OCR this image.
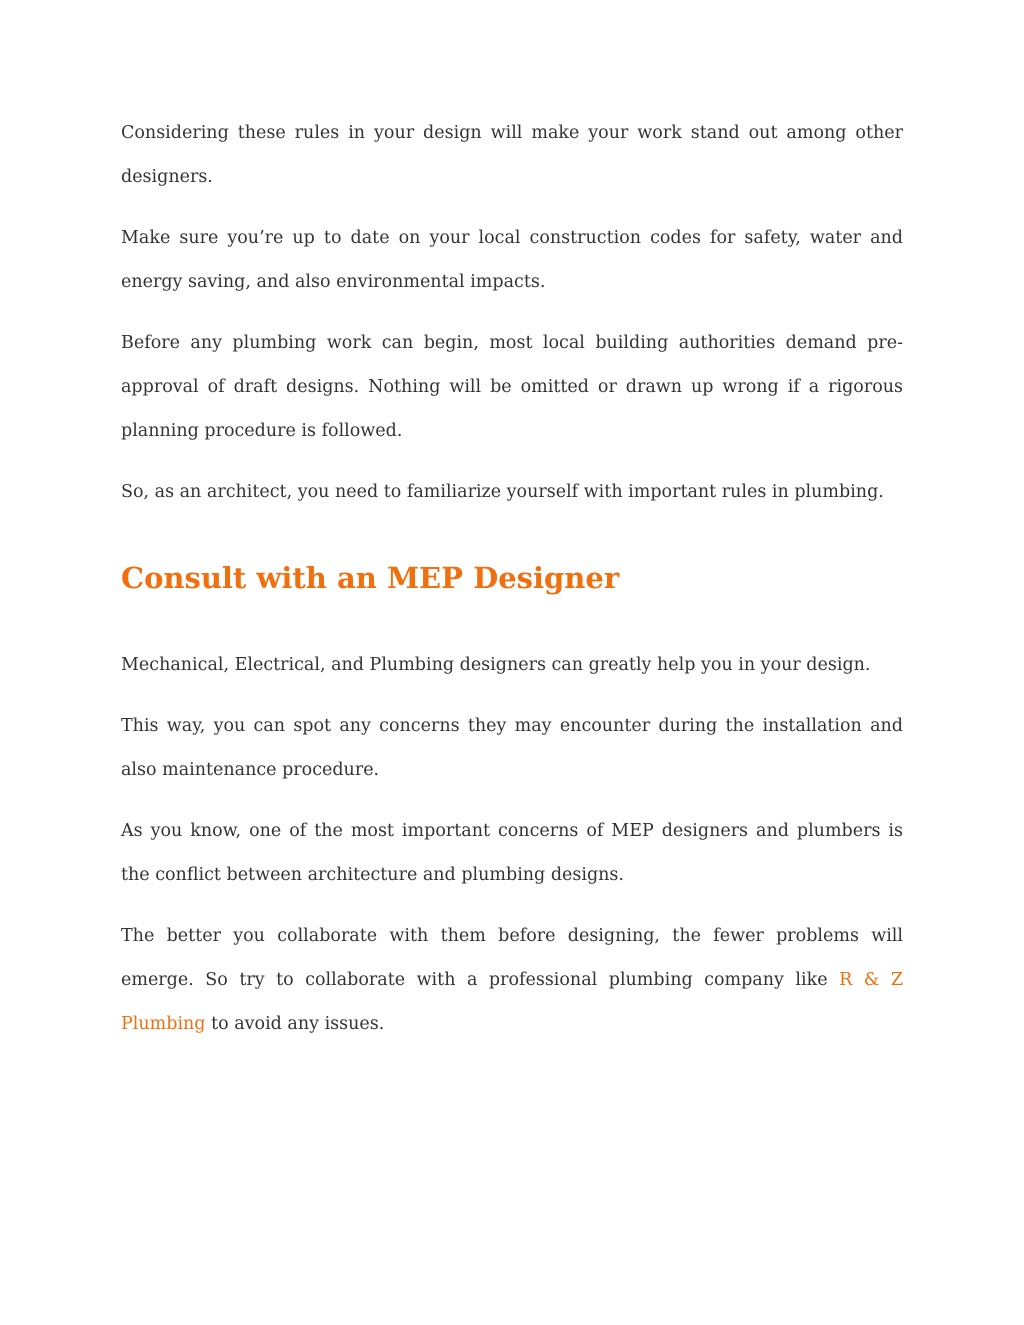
Considering these rules in your design will make your work stand out among other designers.

Make sure you’re up to date on your local construction codes for safety, water and energy saving, and also environmental impacts.

Before any plumbing work can begin, most local building authorities demand pre-approval of draft designs. Nothing will be omitted or drawn up wrong if a rigorous planning procedure is followed.

So, as an architect, you need to familiarize yourself with important rules in plumbing.

Consult with an MEP Designer

Mechanical, Electrical, and Plumbing designers can greatly help you in your design.

This way, you can spot any concerns they may encounter during the installation and also maintenance procedure.

As you know, one of the most important concerns of MEP designers and plumbers is the conflict between architecture and plumbing designs.

The better you collaborate with them before designing, the fewer problems will emerge. So try to collaborate with a professional plumbing company like R & Z Plumbing to avoid any issues.
